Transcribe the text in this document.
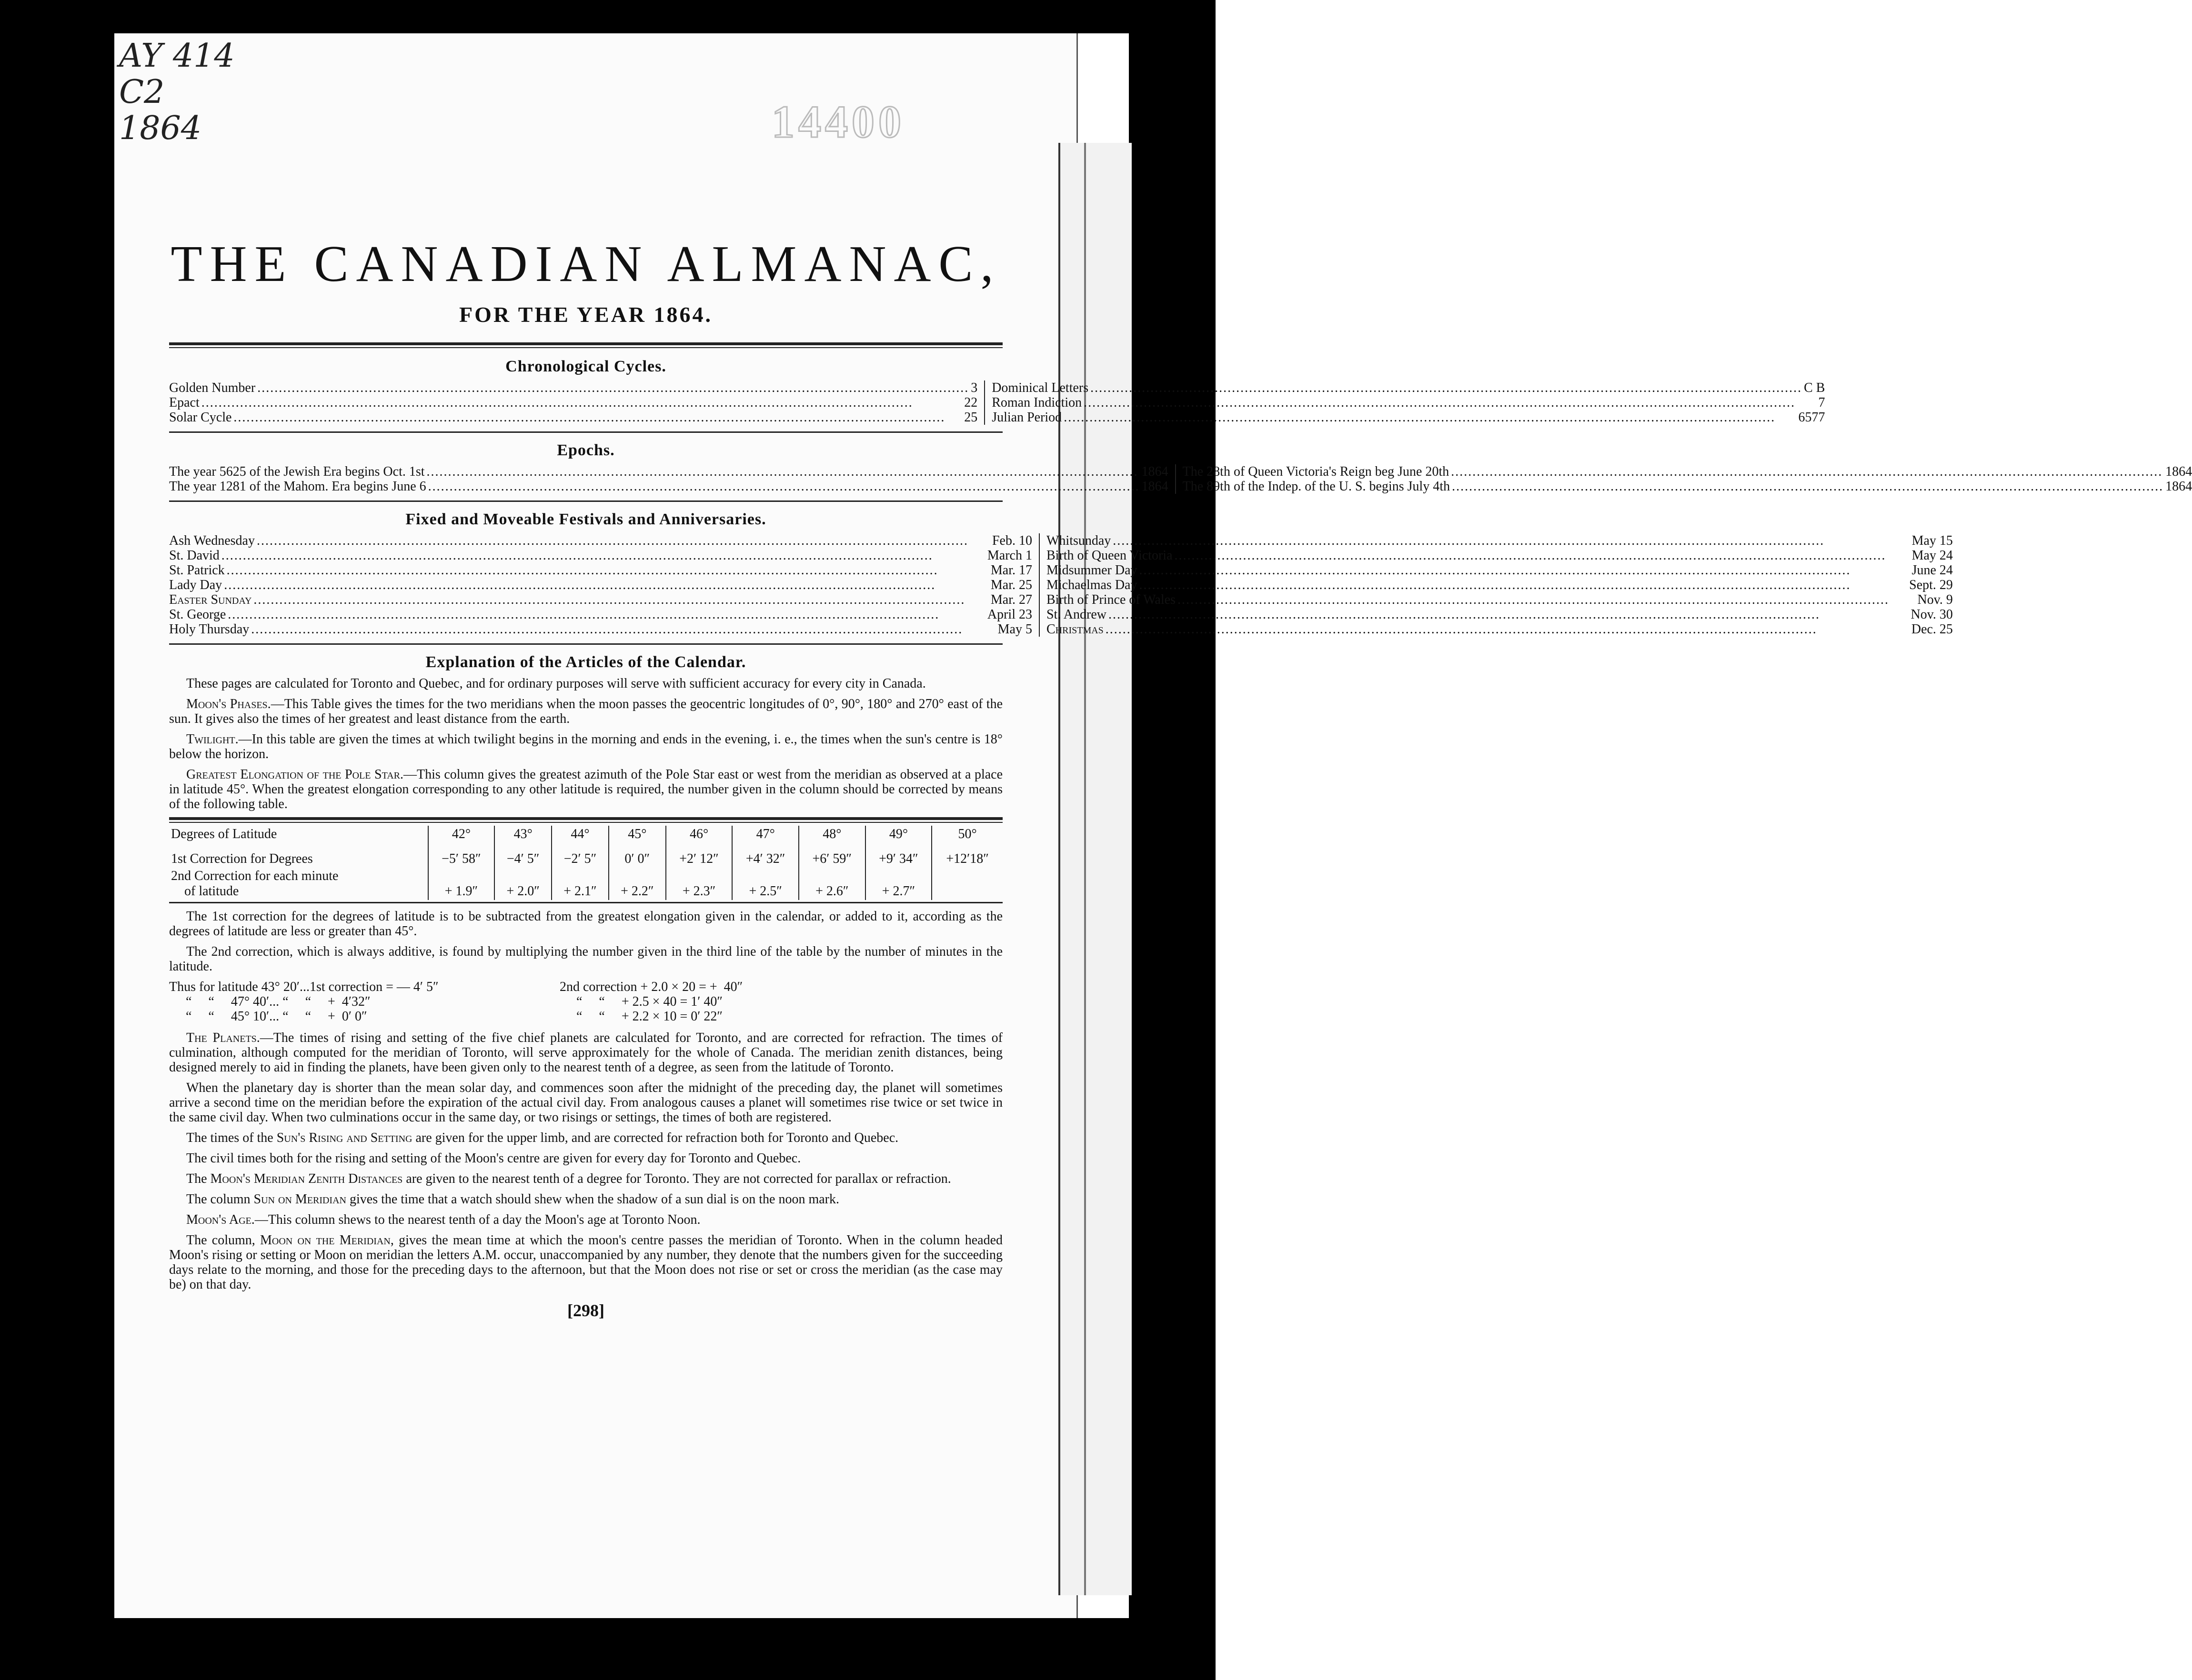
AY 414
C2
1864	14400
THE CANADIAN ALMANAC,
FOR THE YEAR 1864.
Chronological Cycles.
Golden Number .....	3
Epact .....	22
Solar Cycle .....	25
Dominical Letters .....	C B
Roman Indiction .....	7
Julian Period .....	6577
Epochs.
The year 5625 of the Jewish Era begins Oct. 1st .....	1864
The year 1281 of the Mahom. Era begins June 6 .....	1864
The 28th of Queen Victoria's Reign beg June 20th .....	1864
The 89th of the Indep. of the U. S. begins July 4th .....	1864
Fixed and Moveable Festivals and Anniversaries.
Ash Wednesday .....	Feb. 10
St. David .....	March 1
St. Patrick .....	Mar. 17
Lady Day .....	Mar. 25
Easter Sunday .....	Mar. 27
St. George .....	April 23
Holy Thursday .....	May 5
Whitsunday .....	May 15
Birth of Queen Victoria .....	May 24
Midsummer Day .....	June 24
Michaelmas Day .....	Sept. 29
Birth of Prince of Wales .....	Nov. 9
St. Andrew .....	Nov. 30
Christmas .....	Dec. 25
Explanation of the Articles of the Calendar.

These pages are calculated for Toronto and Quebec, and for ordinary purposes will serve with sufficient accuracy for every city in Canada.

Moon's Phases.—This Table gives the times for the two meridians when the moon passes the geocentric longitudes of 0°, 90°, 180° and 270° east of the sun. It gives also the times of her greatest and least distance from the earth.

Twilight.—In this table are given the times at which twilight begins in the morning and ends in the evening, i. e., the times when the sun's centre is 18° below the horizon.

Greatest Elongation of the Pole Star.—This column gives the greatest azimuth of the Pole Star east or west from the meridian as observed at a place in latitude 45°. When the greatest elongation corresponding to any other latitude is required, the number given in the column should be corrected by means of the following table.

Degrees of Latitude	42°	43°	44°	45°	46°	47°	48°	49°	50°
1st Correction for Degrees	−5′ 58″	−4′ 5″	−2′ 5″	0′ 0″	+2′ 12″	+4′ 32″	+6′ 59″	+9′ 34″	+12′18″

2nd Correction for each minute
of latitude	+ 1.9″	+ 2.0″	+ 2.1″	+ 2.2″	+ 2.3″	+ 2.5″	+ 2.6″	+ 2.7″	

The 1st correction for the degrees of latitude is to be subtracted from the greatest elongation given in the calendar, or added to it, according as the degrees of latitude are less or greater than 45°.

The 2nd correction, which is always additive, is found by multiplying the number given in the third line of the table by the number of minutes in the latitude.

Thus for latitude 43° 20′...1st correction = — 4′ 5″	2nd correction + 2.0 × 20 = +  40″
“     “     47° 40′... “     “     +  4′32″	“     “     + 2.5 × 40 = 1′ 40″
“     “     45° 10′... “     “     +  0′ 0″	“     “     + 2.2 × 10 = 0′ 22″

The Planets.—The times of rising and setting of the five chief planets are calculated for Toronto, and are corrected for refraction. The times of culmination, although computed for the meridian of Toronto, will serve approximately for the whole of Canada. The meridian zenith distances, being designed merely to aid in finding the planets, have been given only to the nearest tenth of a degree, as seen from the latitude of Toronto.

When the planetary day is shorter than the mean solar day, and commences soon after the midnight of the preceding day, the planet will sometimes arrive a second time on the meridian before the expiration of the actual civil day. From analogous causes a planet will sometimes rise twice or set twice in the same civil day. When two culminations occur in the same day, or two risings or settings, the times of both are registered.

The times of the Sun's Rising and Setting are given for the upper limb, and are corrected for refraction both for Toronto and Quebec.

The civil times both for the rising and setting of the Moon's centre are given for every day for Toronto and Quebec.

The Moon's Meridian Zenith Distances are given to the nearest tenth of a degree for Toronto. They are not corrected for parallax or refraction.

The column Sun on Meridian gives the time that a watch should shew when the shadow of a sun dial is on the noon mark.

Moon's Age.—This column shews to the nearest tenth of a day the Moon's age at Toronto Noon.

The column, Moon on the Meridian, gives the mean time at which the moon's centre passes the meridian of Toronto. When in the column headed Moon's rising or setting or Moon on meridian the letters A.M. occur, unaccompanied by any number, they denote that the numbers given for the succeeding days relate to the morning, and those for the preceding days to the afternoon, but that the Moon does not rise or set or cross the meridian (as the case may be) on that day.

[298]
